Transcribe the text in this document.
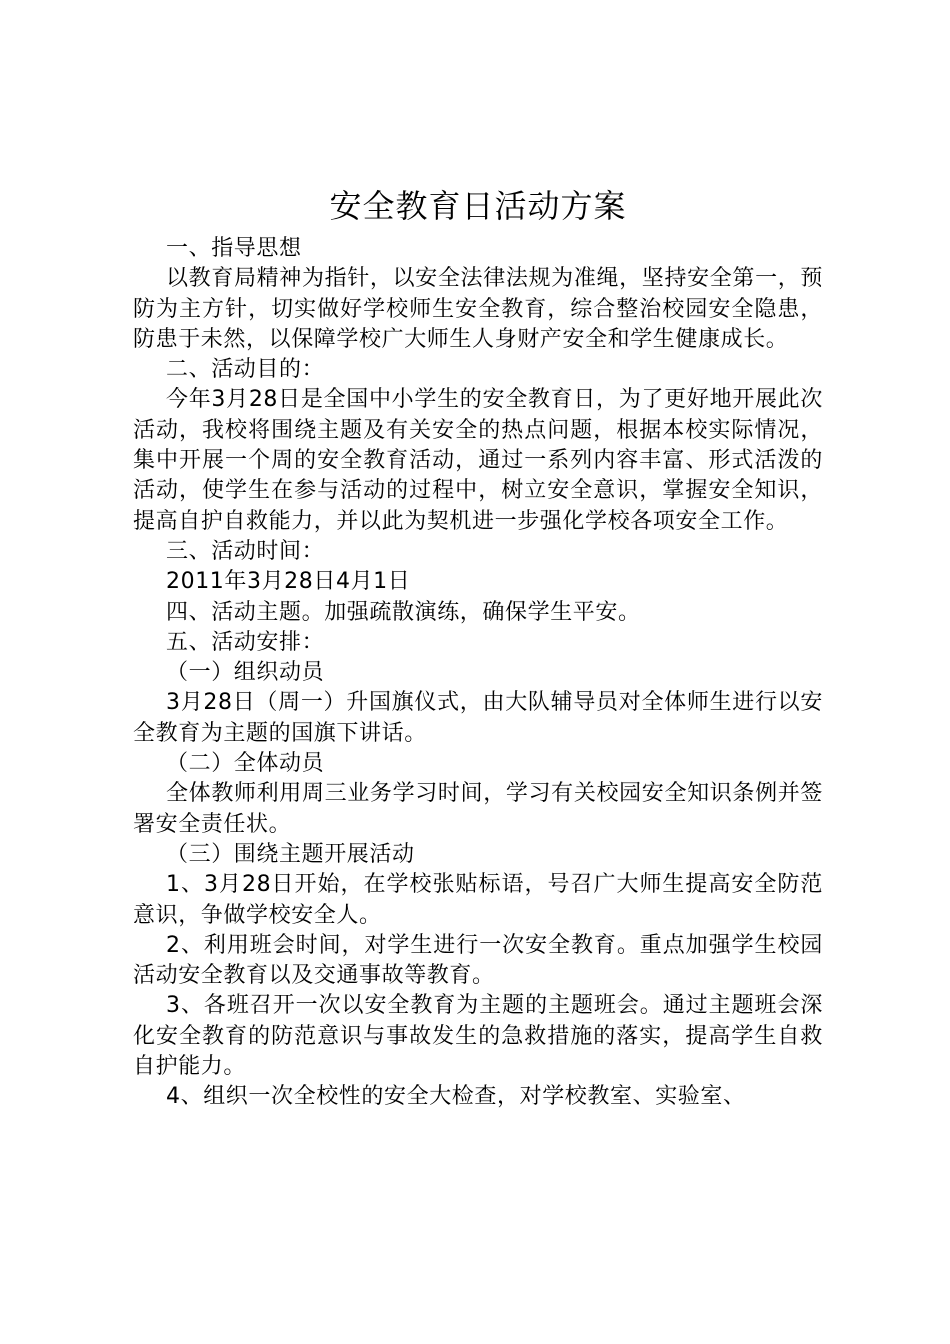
安全教育日活动方案

一、指导思想

以教育局精神为指针，以安全法律法规为准绳，坚持安全第一，预防为主方针，切实做好学校师生安全教育，综合整治校园安全隐患，防患于未然，以保障学校广大师生人身财产安全和学生健康成长。

二、活动目的：

今年3月28日是全国中小学生的安全教育日，为了更好地开展此次活动，我校将围绕主题及有关安全的热点问题，根据本校实际情况，集中开展一个周的安全教育活动，通过一系列内容丰富、形式活泼的活动，使学生在参与活动的过程中，树立安全意识，掌握安全知识，提高自护自救能力，并以此为契机进一步强化学校各项安全工作。

三、活动时间：

2011年3月28日4月1日

四、活动主题。加强疏散演练，确保学生平安。

五、活动安排：

（一）组织动员

3月28日（周一）升国旗仪式，由大队辅导员对全体师生进行以安全教育为主题的国旗下讲话。

（二）全体动员

全体教师利用周三业务学习时间，学习有关校园安全知识条例并签署安全责任状。

（三）围绕主题开展活动

1、3月28日开始，在学校张贴标语，号召广大师生提高安全防范意识，争做学校安全人。

2、利用班会时间，对学生进行一次安全教育。重点加强学生校园活动安全教育以及交通事故等教育。

3、各班召开一次以安全教育为主题的主题班会。通过主题班会深化安全教育的防范意识与事故发生的急救措施的落实，提高学生自救自护能力。

4、组织一次全校性的安全大检查，对学校教室、实验室、
